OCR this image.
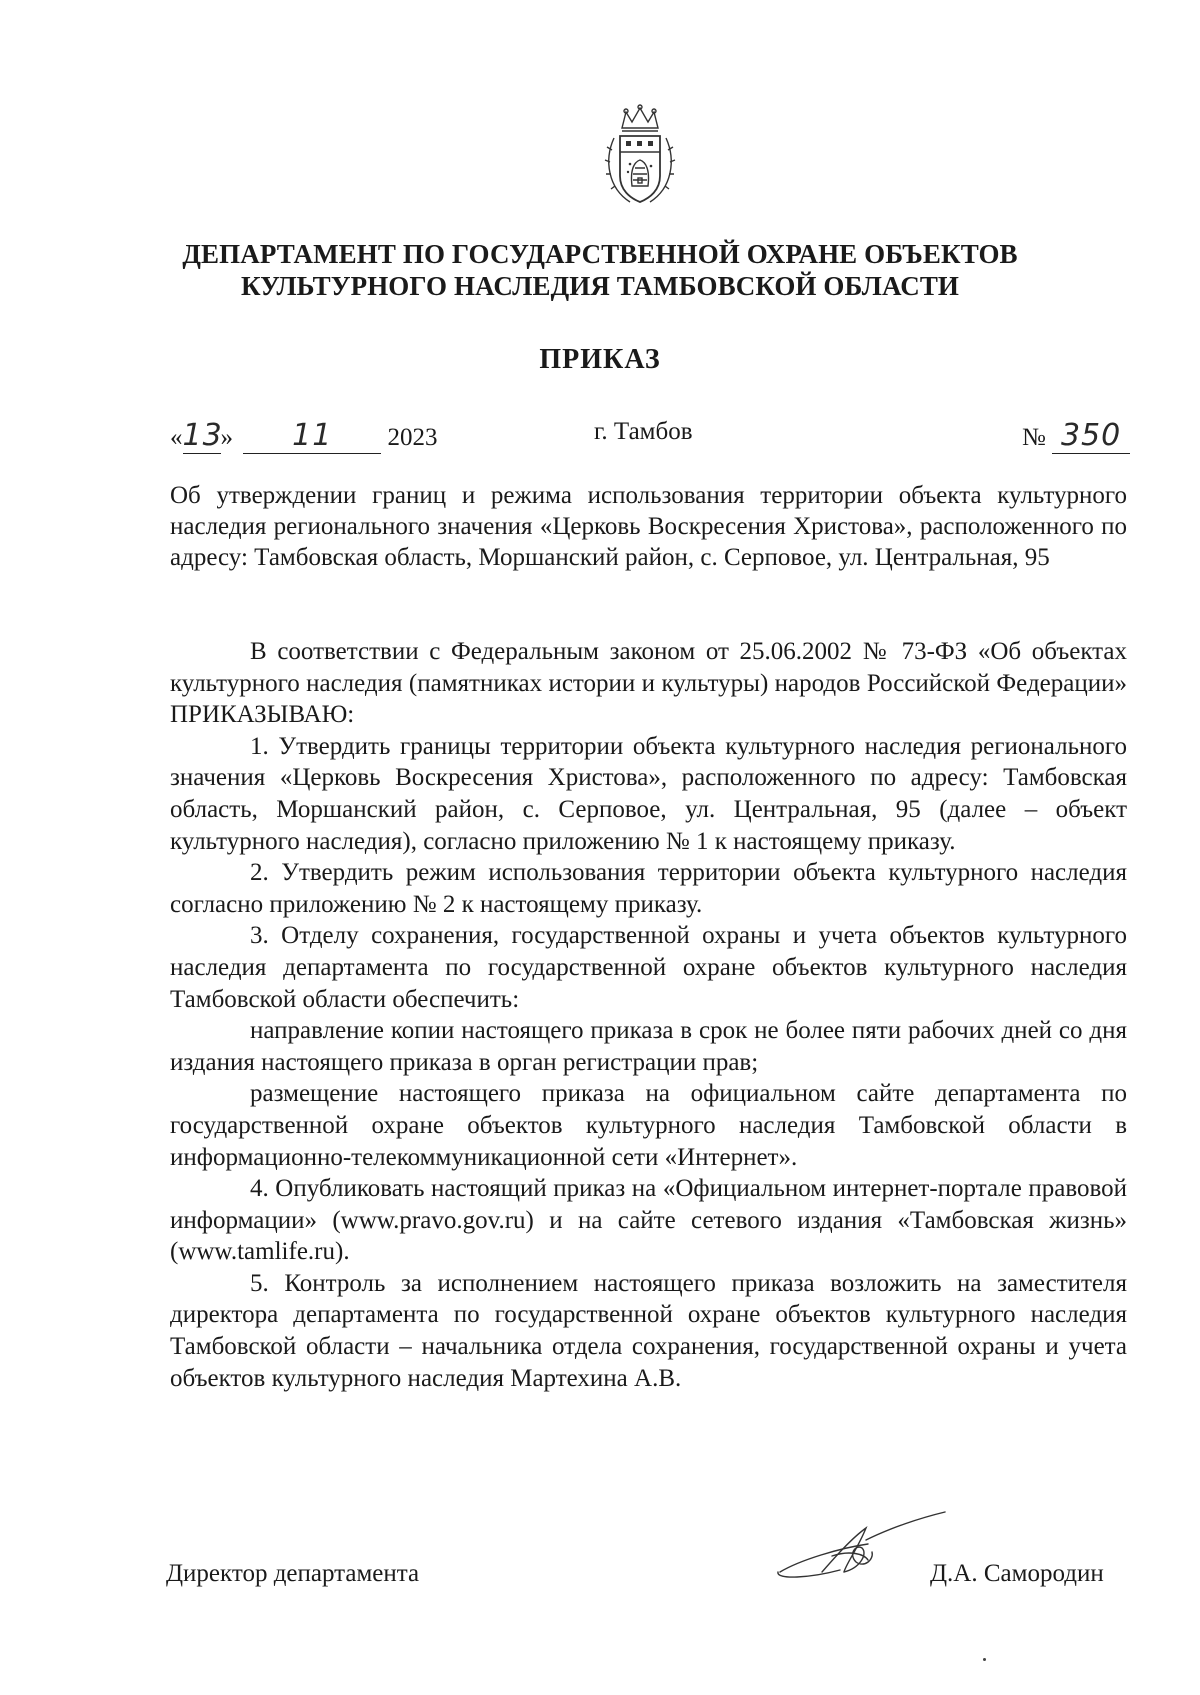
ДЕПАРТАМЕНТ ПО ГОСУДАРСТВЕННОЙ ОХРАНЕ ОБЪЕКТОВ
КУЛЬТУРНОГО НАСЛЕДИЯ ТАМБОВСКОЙ ОБЛАСТИ
ПРИКАЗ
«13» 11 2023	г. Тамбов	№ 350
Об утверждении границ и режима использования территории объекта культурного наследия регионального значения «Церковь Воскресения Христова», расположенного по адресу: Тамбовская область, Моршанский район, с. Серповое, ул. Центральная, 95

В соответствии с Федеральным законом от 25.06.2002 № 73-ФЗ «Об объектах культурного наследия (памятниках истории и культуры) народов Российской Федерации» ПРИКАЗЫВАЮ:

1. Утвердить границы территории объекта культурного наследия регионального значения «Церковь Воскресения Христова», расположенного по адресу: Тамбовская область, Моршанский район, с. Серповое, ул. Центральная, 95 (далее – объект культурного наследия), согласно приложению № 1 к настоящему приказу.

2. Утвердить режим использования территории объекта культурного наследия согласно приложению № 2 к настоящему приказу.

3. Отделу сохранения, государственной охраны и учета объектов культурного наследия департамента по государственной охране объектов культурного наследия Тамбовской области обеспечить:

направление копии настоящего приказа в срок не более пяти рабочих дней со дня издания настоящего приказа в орган регистрации прав;

размещение настоящего приказа на официальном сайте департамента по государственной охране объектов культурного наследия Тамбовской области в информационно-телекоммуникационной сети «Интернет».

4. Опубликовать настоящий приказ на «Официальном интернет-портале правовой информации» (www.pravo.gov.ru) и на сайте сетевого издания «Тамбовская жизнь» (www.tamlife.ru).

5. Контроль за исполнением настоящего приказа возложить на заместителя директора департамента по государственной охране объектов культурного наследия Тамбовской области – начальника отдела сохранения, государственной охраны и учета объектов культурного наследия Мартехина А.В.

Директор департамента	Д.А. Самородин
